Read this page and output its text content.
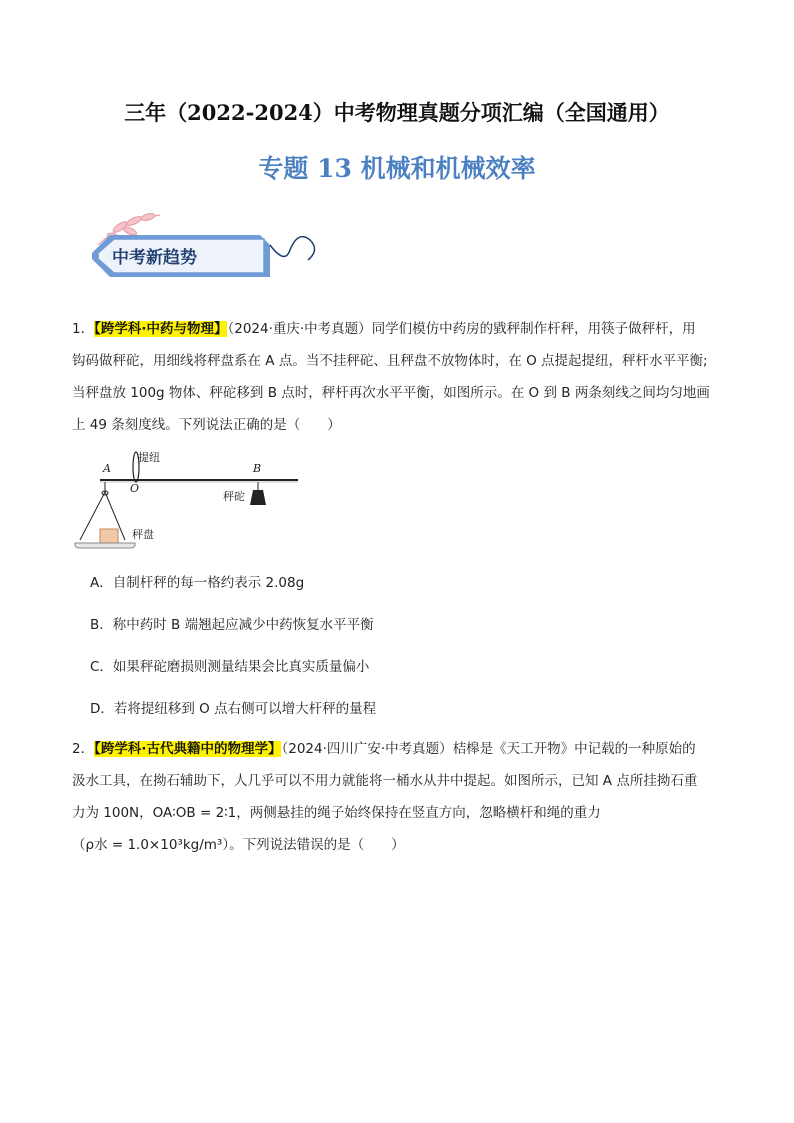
三年（2022-2024）中考物理真题分项汇编（全国通用）
专题 13 机械和机械效率
中考新趋势
1．【跨学科·中药与物理】（2024·重庆·中考真题）同学们模仿中药房的戥秤制作杆秤，用筷子做秤杆，用
钩码做秤砣，用细线将秤盘系在 A 点。当不挂秤砣、且秤盘不放物体时，在 O 点提起提纽，秤杆水平平衡;
当秤盘放 100g 物体、秤砣移到 B 点时，秤杆再次水平平衡，如图所示。在 O 到 B 两条刻线之间均匀地画
上 49 条刻度线。下列说法正确的是（　　）
A
O
提纽
B
秤砣
秤盘
A．自制杆秤的每一格约表示 2.08g
B．称中药时 B 端翘起应减少中药恢复水平平衡
C．如果秤砣磨损则测量结果会比真实质量偏小
D．若将提纽移到 O 点右侧可以增大杆秤的量程
2．【跨学科·古代典籍中的物理学】（2024·四川广安·中考真题）桔槔是《天工开物》中记载的一种原始的
汲水工具，在拗石辅助下，人几乎可以不用力就能将一桶水从井中提起。如图所示，已知 A 点所挂拗石重
力为 100N，OA∶OB = 2∶1，两侧悬挂的绳子始终保持在竖直方向，忽略横杆和绳的重力
（ρ水 = 1.0×10³kg/m³）。下列说法错误的是（　　）
